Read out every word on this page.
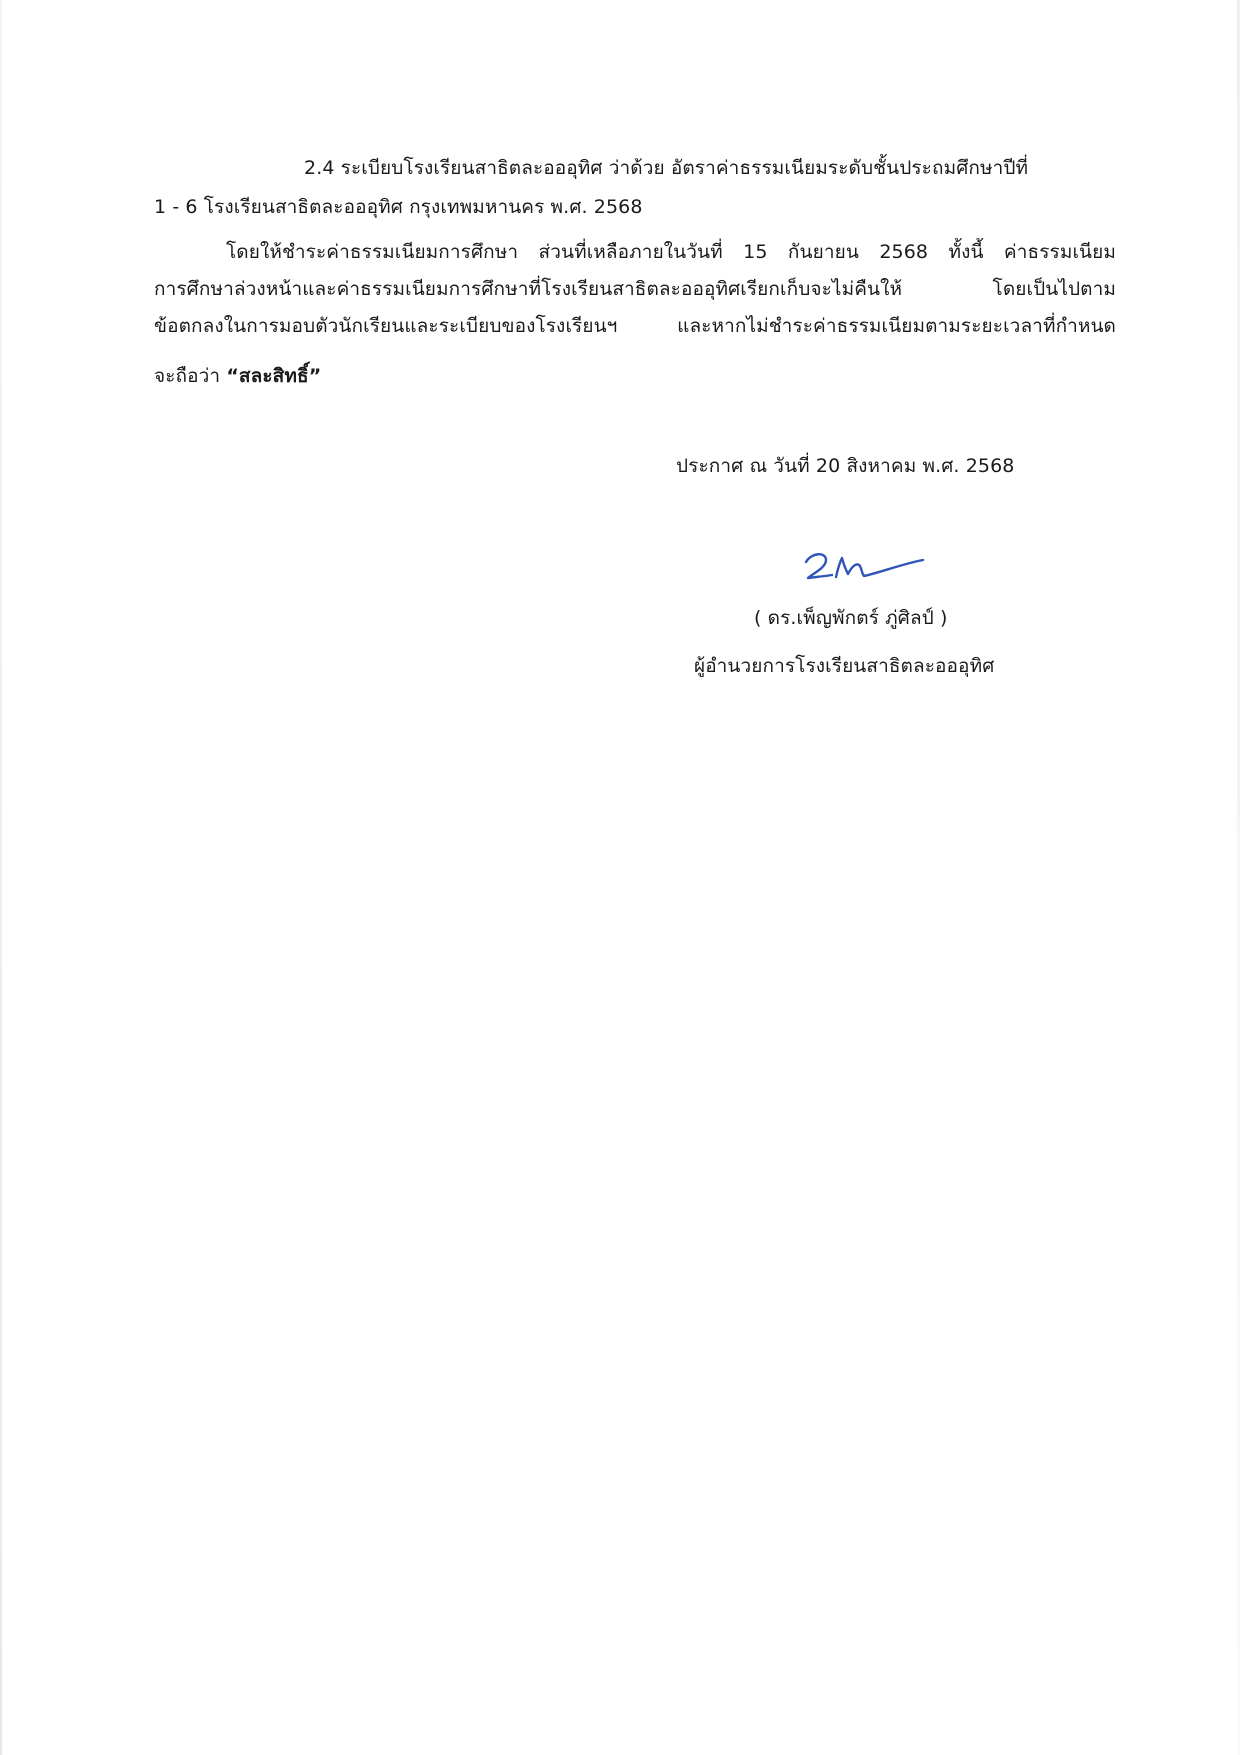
2.4 ระเบียบโรงเรียนสาธิตละอออุทิศ ว่าด้วย อัตราค่าธรรมเนียมระดับชั้นประถมศึกษาปีที่
1 - 6 โรงเรียนสาธิตละอออุทิศ กรุงเทพมหานคร พ.ศ. 2568
โดยให้ชำระค่าธรรมเนียมการศึกษา ส่วนที่เหลือภายในวันที่ 15 กันยายน 2568 ทั้งนี้ ค่าธรรมเนียม
การศึกษาล่วงหน้าและค่าธรรมเนียมการศึกษาที่โรงเรียนสาธิตละอออุทิศเรียกเก็บจะไม่คืนให้ โดยเป็นไปตาม
ข้อตกลงในการมอบตัวนักเรียนและระเบียบของโรงเรียนฯ และหากไม่ชำระค่าธรรมเนียมตามระยะเวลาที่กำหนด
จะถือว่า “สละสิทธิ์”
ประกาศ ณ วันที่ 20 สิงหาคม พ.ศ. 2568
( ดร.เพ็ญพักตร์ ภู่ศิลป์ )
ผู้อำนวยการโรงเรียนสาธิตละอออุทิศ
